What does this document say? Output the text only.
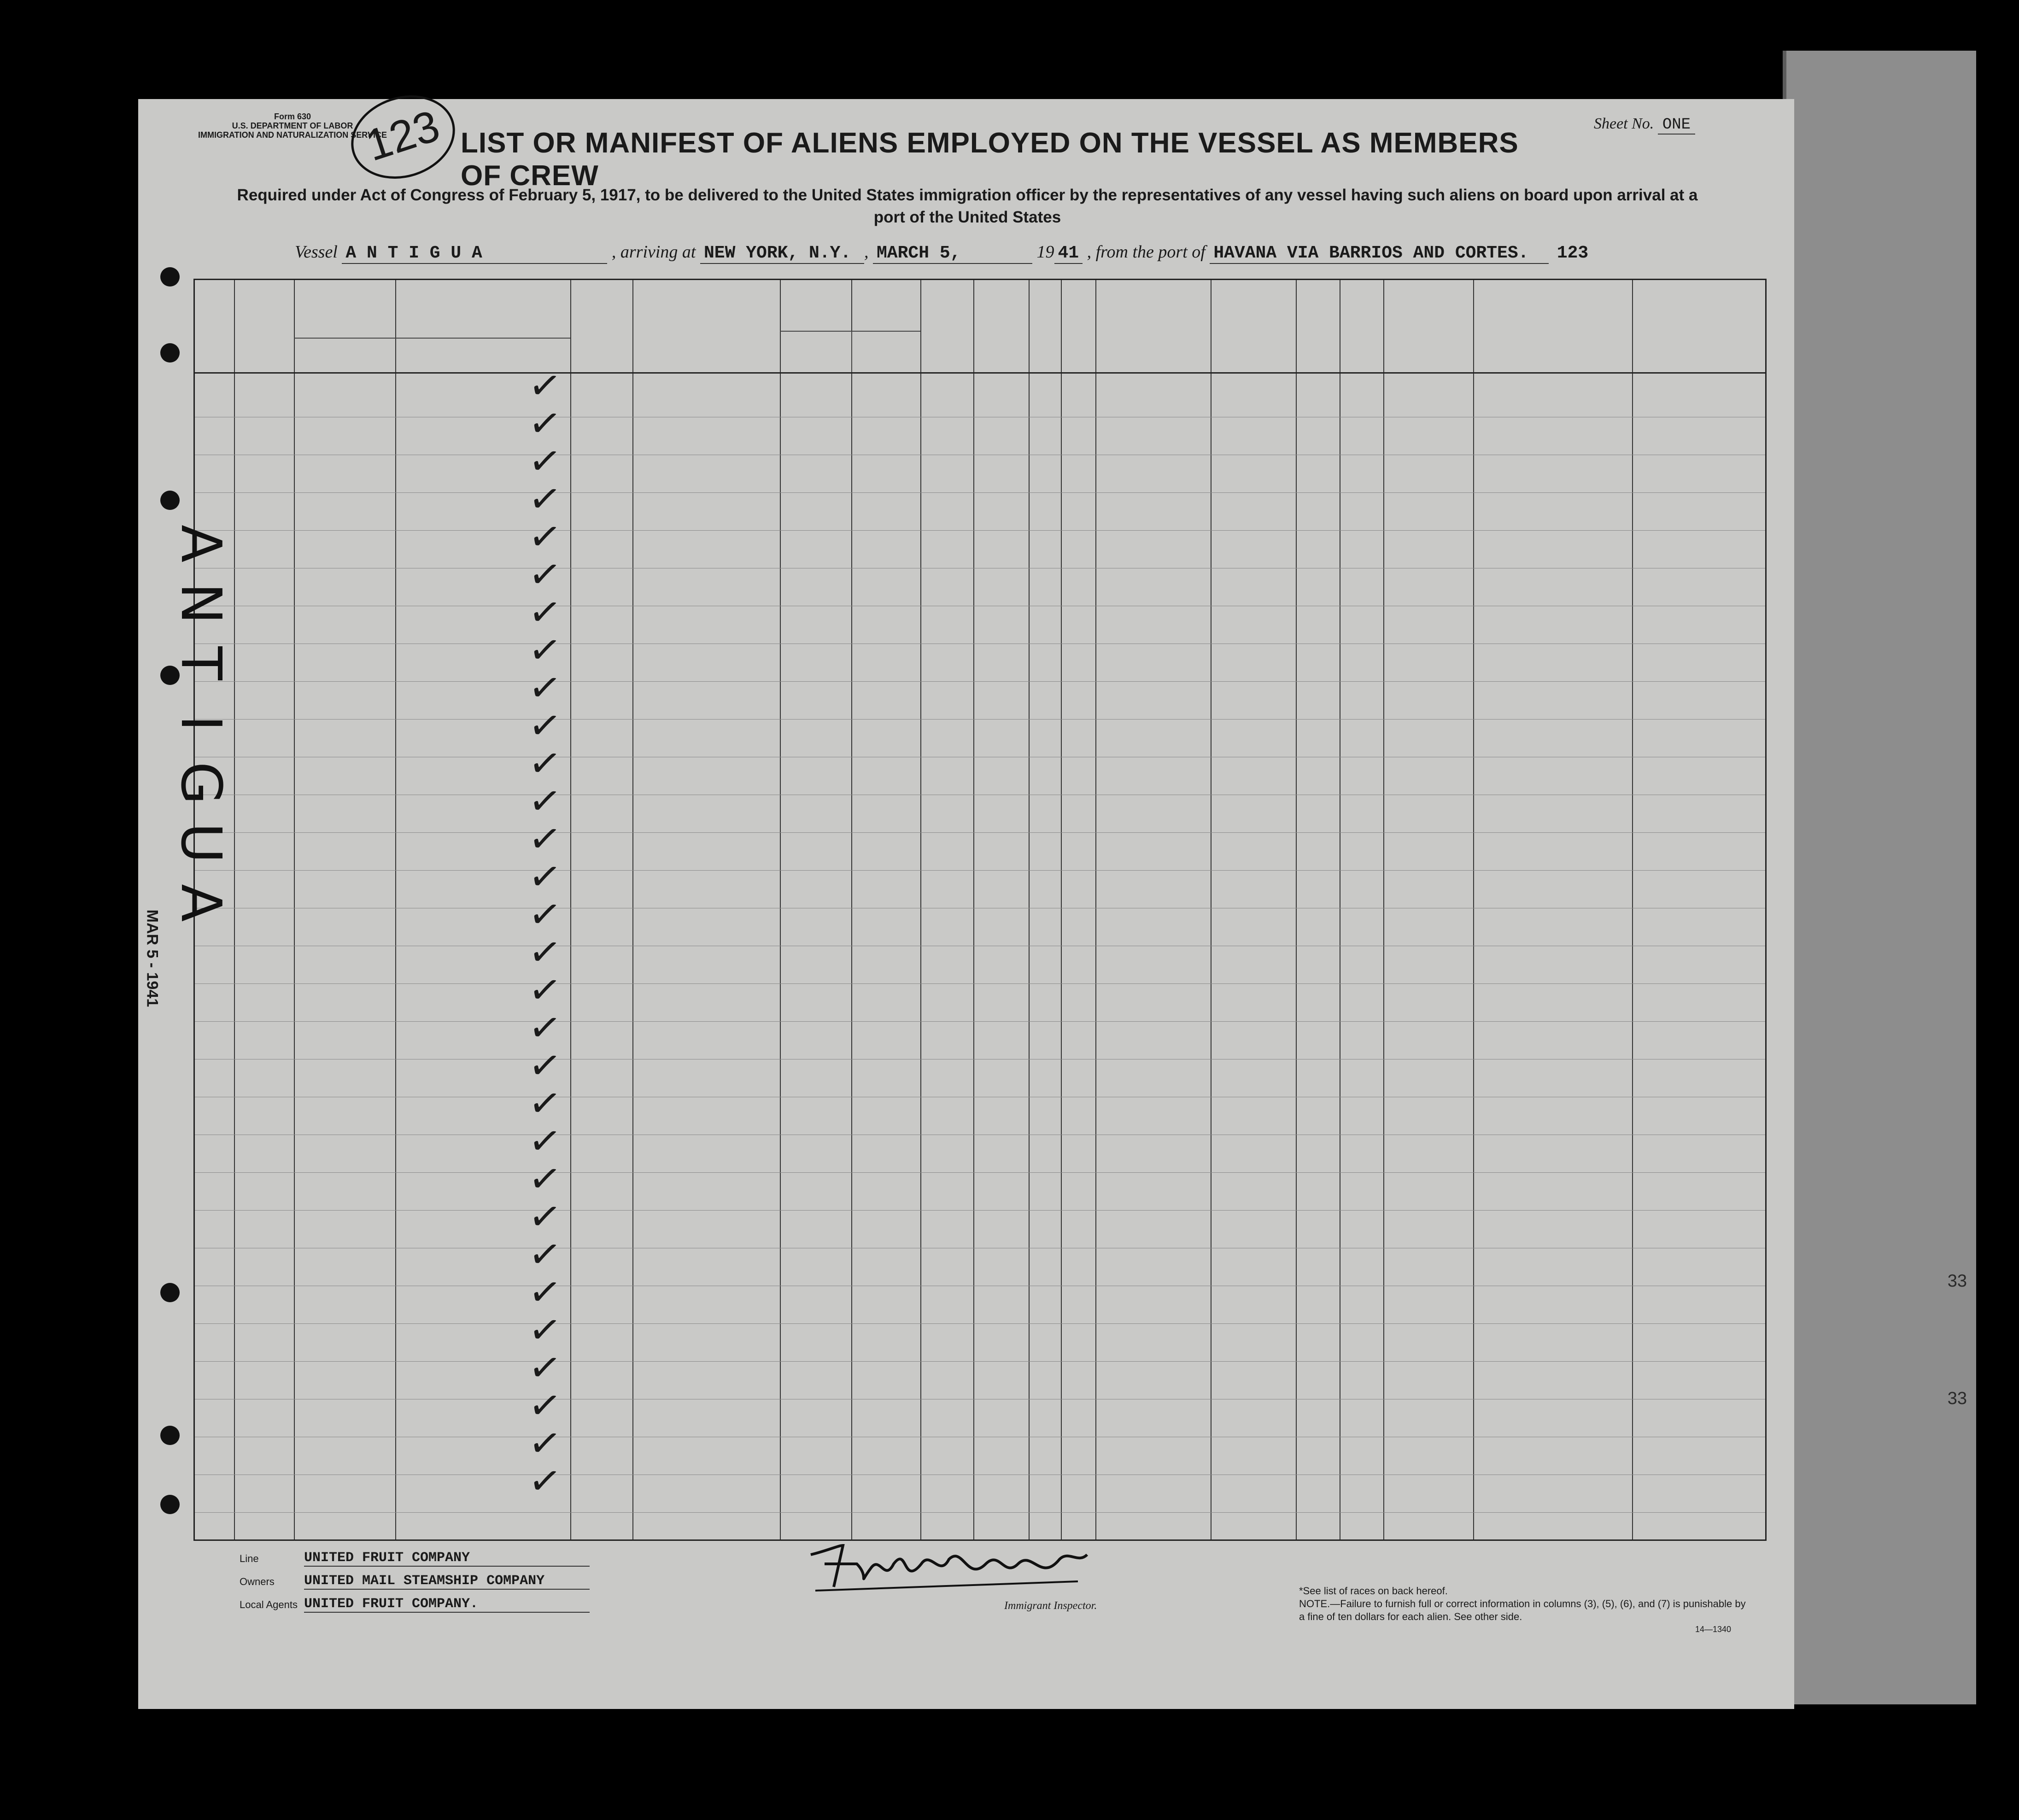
33
33
Form 630
U.S. DEPARTMENT OF LABOR
IMMIGRATION AND NATURALIZATION SERVICE
123 LIST OR MANIFEST OF ALIENS EMPLOYED ON THE VESSEL AS MEMBERS OF CREW
Sheet No. ONE
Required under Act of Congress of February 5, 1917, to be delivered to the United States immigration officer by the representatives of any vessel having such aliens on board upon arrival at a port of the United States
Vessel A N T I G U A	, arriving at NEW YORK, N.Y. , MARCH 5,	19 41 , from the port of HAVANA VIA BARRIOS AND CORTES. 123
✓
✓
✓
✓
✓
✓
✓
✓
✓
✓
✓
✓
✓
✓
✓
✓
✓
✓
✓
✓
✓
✓
✓
✓
✓
✓
✓
✓
✓
✓
A
N
T
I
G
U
A
MAR 5 - 1941
Line	UNITED FRUIT COMPANY
Owners	UNITED MAIL STEAMSHIP COMPANY
Local Agents UNITED FRUIT COMPANY.	Immigrant Inspector.
*See list of races on back hereof.
NOTE.—Failure to furnish full or correct information in columns (3), (5), (6), and (7) is punishable by a fine of ten dollars for each alien. See other side.
14—1340
